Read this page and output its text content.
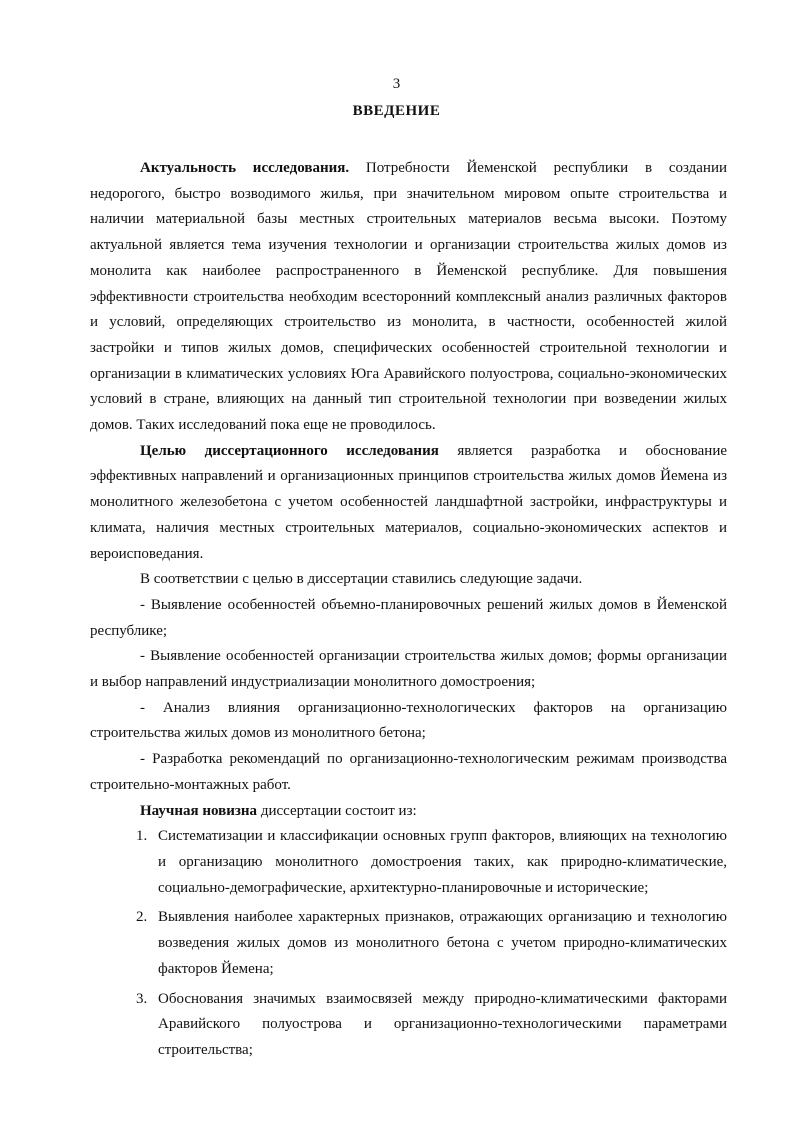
3
ВВЕДЕНИЕ

Актуальность исследования. Потребности Йеменской республики в создании недорогого, быстро возводимого жилья, при значительном мировом опыте строительства и наличии материальной базы местных строительных материалов весьма высоки. Поэтому актуальной является тема изучения технологии и организации строительства жилых домов из монолита как наиболее распространенного в Йеменской республике. Для повышения эффективности строительства необходим всесторонний комплексный анализ различных факторов и условий, определяющих строительство из монолита, в частности, особенностей жилой застройки и типов жилых домов, специфических особенностей строительной технологии и организации в климатических условиях Юга Аравийского полуострова, социально-экономических условий в стране, влияющих на данный тип строительной технологии при возведении жилых домов. Таких исследований пока еще не проводилось.

Целью диссертационного исследования является разработка и обоснование эффективных направлений и организационных принципов строительства жилых домов Йемена из монолитного железобетона с учетом особенностей ландшафтной застройки, инфраструктуры и климата, наличия местных строительных материалов, социально-экономических аспектов и вероисповедания.

В соответствии с целью в диссертации ставились следующие задачи.

- Выявление особенностей объемно-планировочных решений жилых домов в Йеменской республике;

- Выявление особенностей организации строительства жилых домов; формы организации и выбор направлений индустриализации монолитного домостроения;

- Анализ влияния организационно-технологических факторов на организацию строительства жилых домов из монолитного бетона;

- Разработка рекомендаций по организационно-технологическим режимам производства строительно-монтажных работ.

Научная новизна диссертации состоит из:

1. Систематизации и классификации основных групп факторов, влияющих на технологию и организацию монолитного домостроения таких, как природно-климатические, социально-демографические, архитектурно-планировочные и исторические;
2. Выявления наиболее характерных признаков, отражающих организацию и технологию возведения жилых домов из монолитного бетона с учетом природно-климатических факторов Йемена;
3. Обоснования значимых взаимосвязей между природно-климатическими факторами Аравийского полуострова и организационно-технологическими параметрами строительства;
